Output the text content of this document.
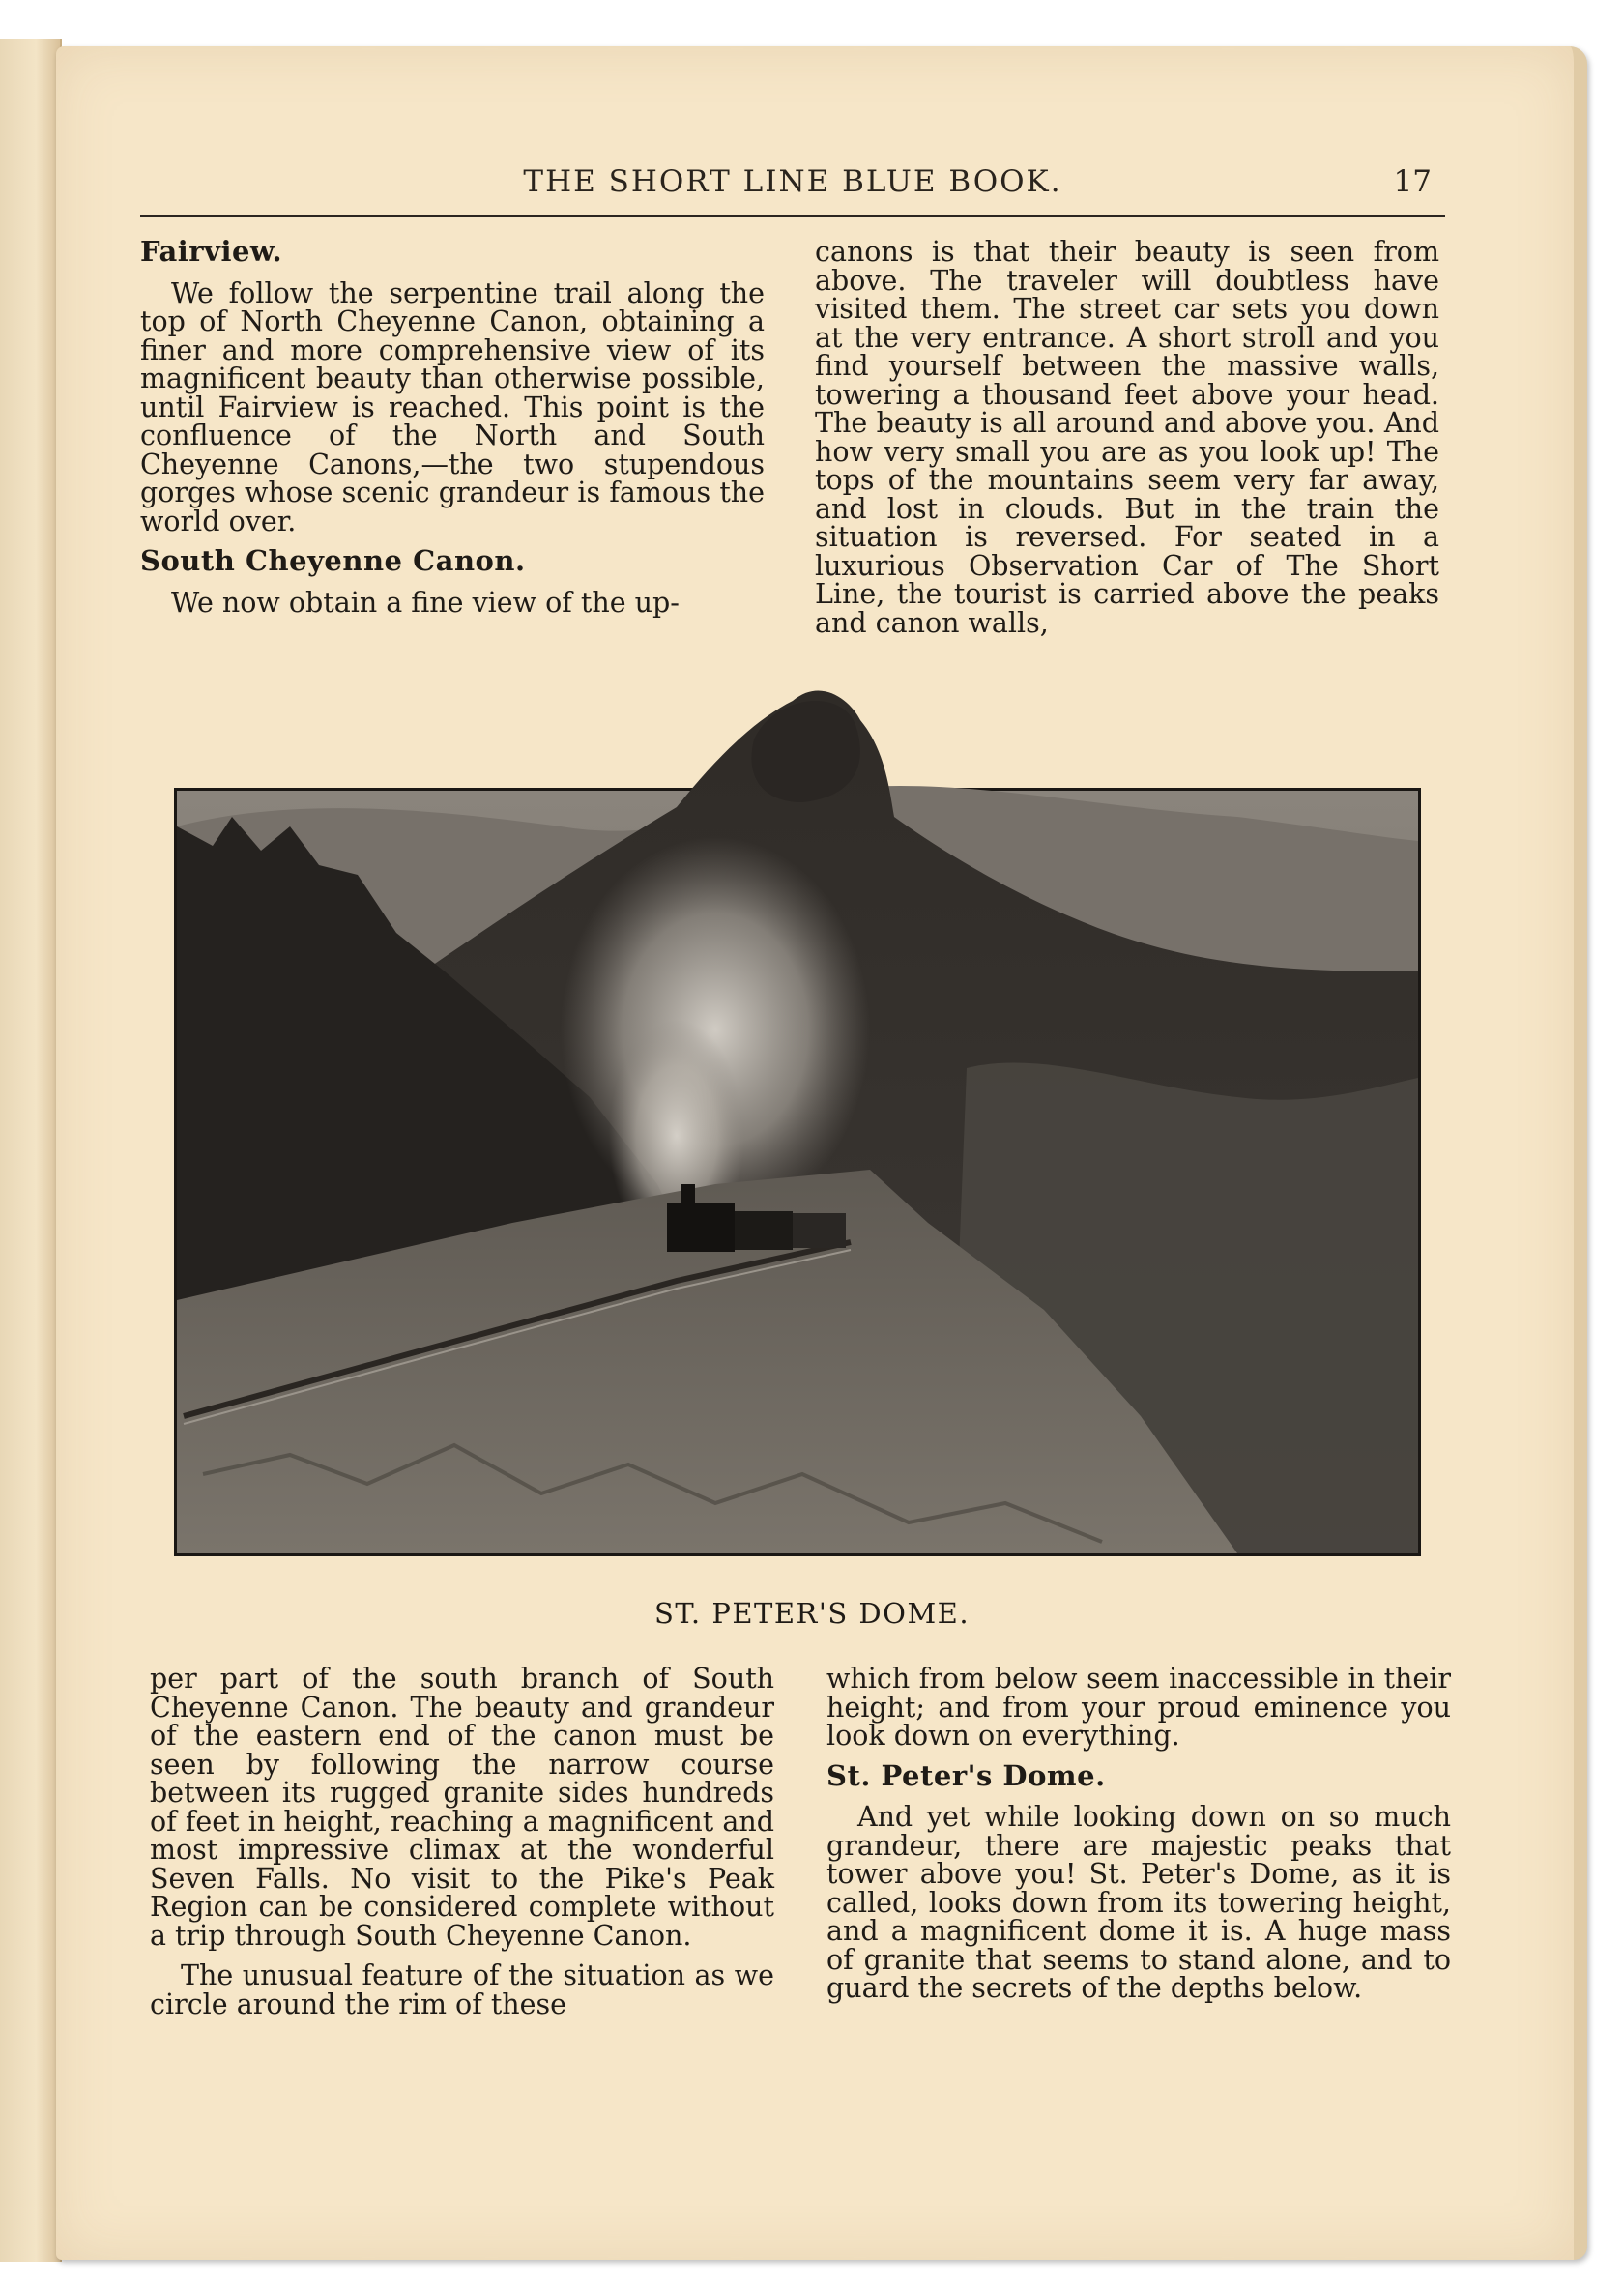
THE SHORT LINE BLUE BOOK.	17
Fairview.

We follow the serpentine trail along the top of North Cheyenne Canon, obtaining a finer and more comprehensive view of its magnificent beauty than otherwise possible, until Fairview is reached. This point is the confluence of the North and South Cheyenne Canons,—the two stupendous gorges whose scenic grandeur is famous the world over.

South Cheyenne Canon.

We now obtain a fine view of the up-

canons is that their beauty is seen from above. The traveler will doubtless have visited them. The street car sets you down at the very entrance. A short stroll and you find yourself between the massive walls, towering a thousand feet above your head. The beauty is all around and above you. And how very small you are as you look up! The tops of the mountains seem very far away, and lost in clouds. But in the train the situation is reversed. For seated in a luxurious Observation Car of The Short Line, the tourist is carried above the peaks and canon walls,

ST. PETER'S DOME.

per part of the south branch of South Cheyenne Canon. The beauty and grandeur of the eastern end of the canon must be seen by following the narrow course between its rugged granite sides hundreds of feet in height, reaching a magnificent and most impressive climax at the wonderful Seven Falls. No visit to the Pike's Peak Region can be considered complete without a trip through South Cheyenne Canon.

The unusual feature of the situation as we circle around the rim of these

which from below seem inaccessible in their height; and from your proud eminence you look down on everything.

St. Peter's Dome.

And yet while looking down on so much grandeur, there are majestic peaks that tower above you! St. Peter's Dome, as it is called, looks down from its towering height, and a magnificent dome it is. A huge mass of granite that seems to stand alone, and to guard the secrets of the depths below.
